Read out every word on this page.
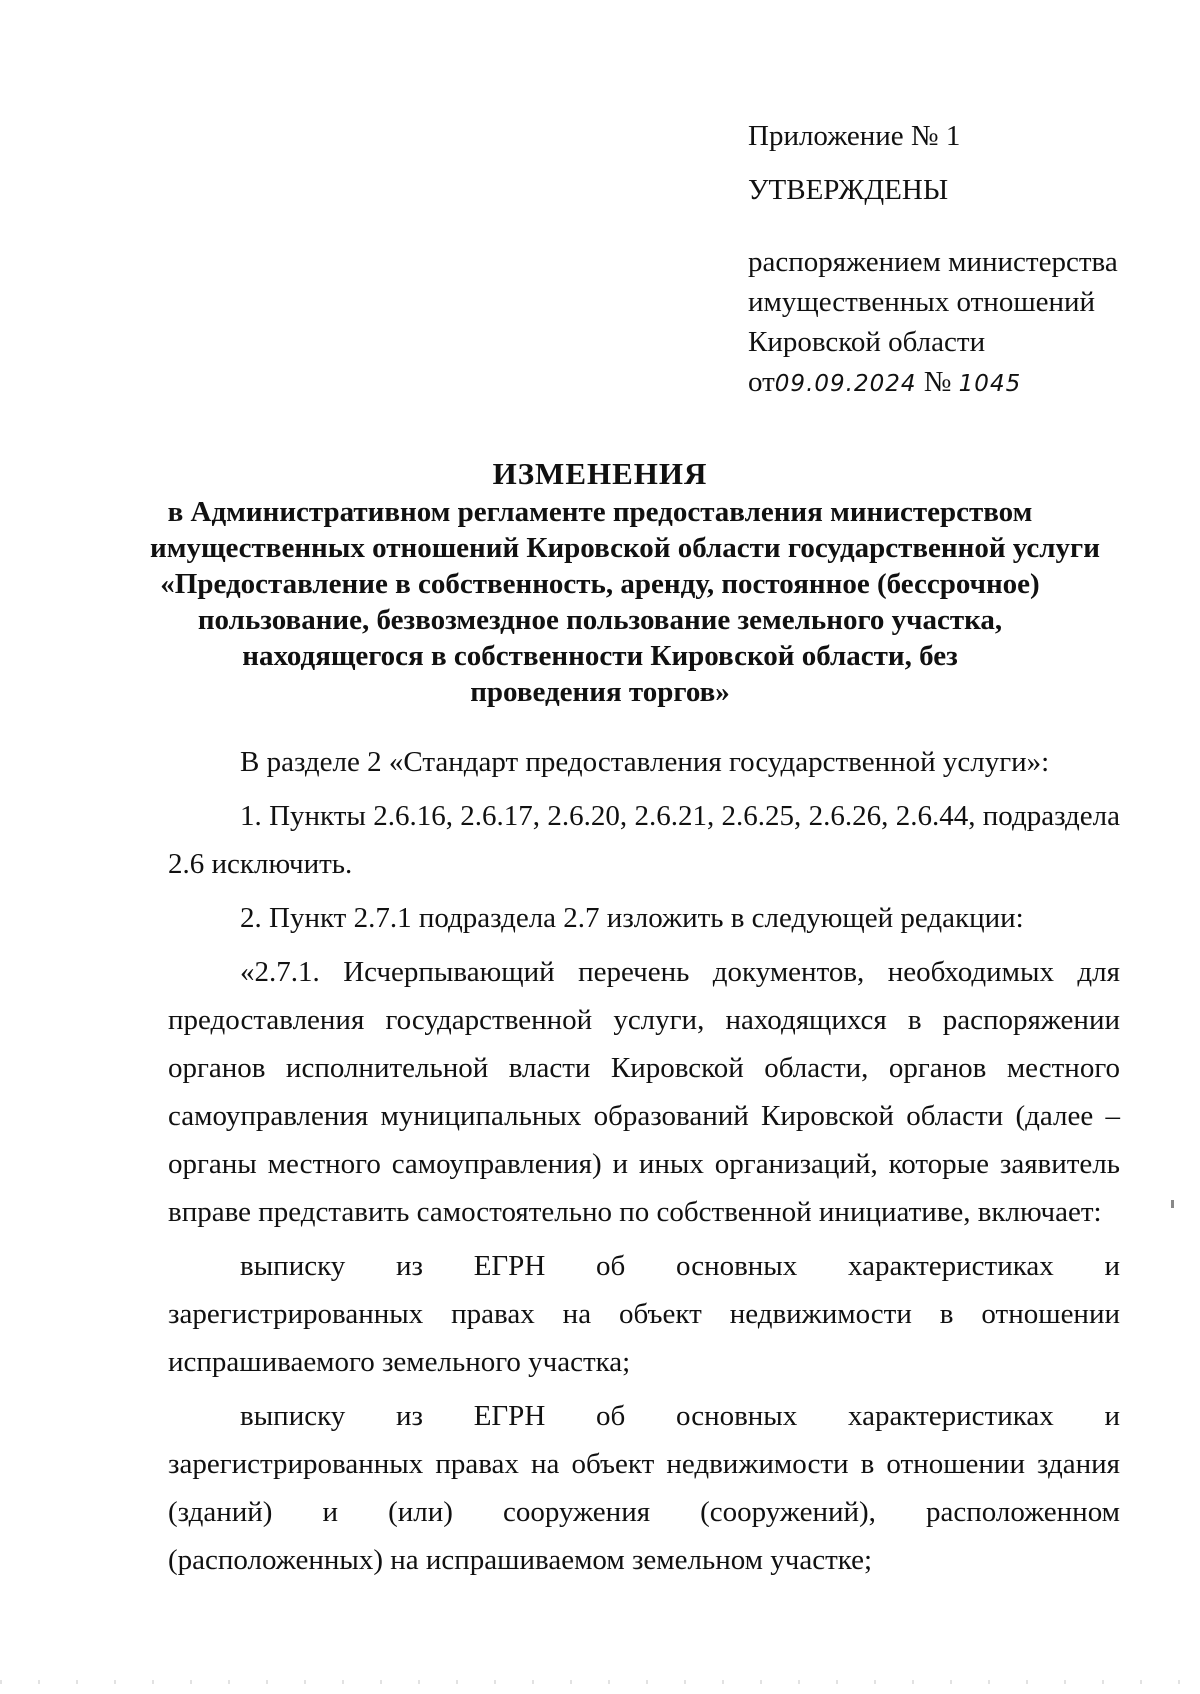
Приложение № 1
УТВЕРЖДЕНЫ
распоряжением министерства
имущественных отношений
Кировской области
от09.09.2024 № 1045
ИЗМЕНЕНИЯ
в Административном регламенте предоставления министерством
имущественных отношений Кировской области государственной услуги
«Предоставление в собственность, аренду, постоянное (бессрочное)
пользование, безвозмездное пользование земельного участка,
находящегося в собственности Кировской области, без
проведения торгов»

В разделе 2 «Стандарт предоставления государственной услуги»:

1. Пункты 2.6.16, 2.6.17, 2.6.20, 2.6.21, 2.6.25, 2.6.26, 2.6.44, подраздела 2.6 исключить.

2. Пункт 2.7.1 подраздела 2.7 изложить в следующей редакции:

«2.7.1. Исчерпывающий перечень документов, необходимых для предоставления государственной услуги, находящихся в распоряжении органов исполнительной власти Кировской области, органов местного самоуправления муниципальных образований Кировской области (далее – органы местного самоуправления) и иных организаций, которые заявитель вправе представить самостоятельно по собственной инициативе, включает:

выписку из ЕГРН об основных характеристиках и зарегистрированных правах на объект недвижимости в отношении испрашиваемого земельного участка;

выписку из ЕГРН об основных характеристиках и зарегистрированных правах на объект недвижимости в отношении здания (зданий) и (или) сооружения (сооружений), расположенном (расположенных) на испрашиваемом земельном участке;
